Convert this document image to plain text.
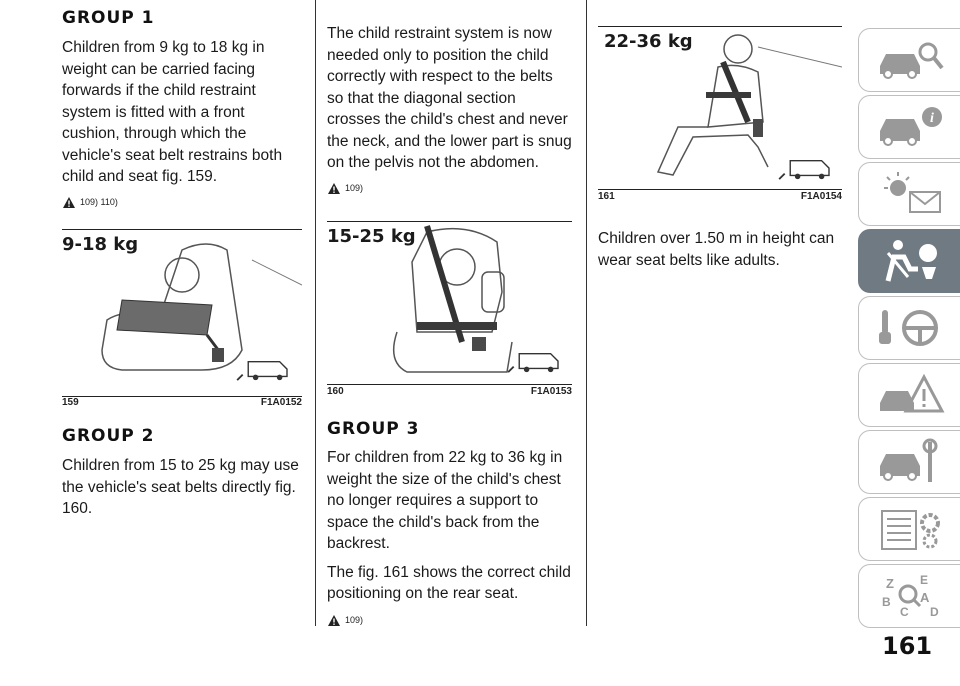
GROUP 1

Children from 9 kg to 18 kg in weight can be carried facing forwards if the child restraint system is fitted with a front cushion, through which the vehicle's seat belt restrains both child and seat fig. 159.

109) 110)
9-18 kg
159	F1A0152
GROUP 2

Children from 15 to 25 kg may use the vehicle's seat belts directly fig. 160.

The child restraint system is now needed only to position the child correctly with respect to the belts so that the diagonal section crosses the child's chest and never the neck, and the lower part is snug on the pelvis not the abdomen.

109)
15-25 kg
160	F1A0153
GROUP 3

For children from 22 kg to 36 kg in weight the size of the child's chest no longer requires a support to space the child's back from the backrest.

The fig. 161 shows the correct child positioning on the rear seat.

109)
22-36 kg
161	F1A0154

Children over 1.50 m in height can wear seat belts like adults.

i
Z E
B A
C D
161
